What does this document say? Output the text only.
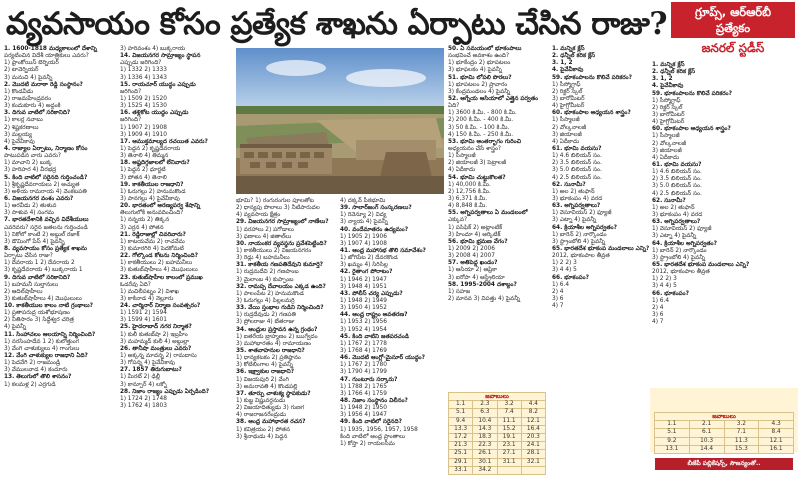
వ్యవసాయం కోసం ప్రత్యేక శాఖను ఏర్పాటు చేసిన రాజు?	గ్రూప్స్, ఆర్‌ఆర్‌బీ
ప్రత్యేకం
జనరల్ స్టడీస్
1. 1600-1818 మధ్యకాలంలో దేశాన్ని
పర్యటించిన విదేశీ యాత్రికులు ఎవరు?
1) ఫ్రాంకోయిస్ బెర్నియర్
2) టావెర్నియర్
3) మనుచి 4) పైవన్నీ
2. మొదటి మరాఠా రెడ్డి సంస్థానం?
1) కొండవీడు
2) రాజమహేంద్రవరం
3) కందుకూరు 4) అద్దంకి
3. దిగువ వాటిలో సరికానిది?
1) కాలర్ల నవాబు
2) శిష్టకరణాలు
3) మల్లయ్య
4) పైవేవీకావు
4. రాజ్యాల ఏర్పాటు, నిర్మాణం కోసం
పాటుపడిన వారు ఎవరు?
1) మాచాని 2) బుక్క
3) హరిహర 4) వీరభద్ర
5. కింది వాటిలో సరైనది గుర్తించండి?
1) శ్రీకృష్ణదేవరాయలు 2) అచ్యుత
3) అళియ రామరాయ 4) వెంకటపతి
6. విజయనగర వంశం ఎవరు?
1) ఆరవీడు 2) తుళువ
3) సాళువ 4) సంగమ
7. భారతదేశానికి వచ్చిన విదేశీయులు
ఎవరెవరు? సరైన జతలను గుర్తించండి
1) నికోలో కాంటి 2) అబ్దుల్ రజాక్
3) డొమింగో పేస్ 4) పైవన్నీ
8. వ్యవసాయం కోసం ప్రత్యేక శాఖను
ఏర్పాటు చేసిన రాజు?
1) దేవరాయ 1 2) దేవరాయ 2
3) కృష్ణదేవరాయ 4) బుక్కరాయ 1
9. దిగువ వాటిలో సరికానిది?
1) బహమనీ సుల్తానులు
2) ఆదిల్‌షాహీలు
3) కుతుబ్‌షాహీలు 4) మొఘలులు
10. కాకతీయుల కాలం నాటి గ్రంథాలు?
1) ప్రతాపరుద్ర యశోభూషణం
2) నీతిసారం 3) సిద్ధేశ్వర చరిత్ర
4) పైవన్నీ
11. సింహాచలం ఆలయాన్ని నిర్మించింది?
1) నరసింహదేవ 1 2) కులోత్తుంగ
3) వేంగి చాళుక్యులు 4) గాంగులు
12. వేంగి చాళుక్యుల రాజధాని ఏది?
1) పెదవేగి 2) రాజమండ్రి
3) వేములవాడ 4) కందూరు
13. తెలుగులో తొలి శాసనం?
1) కలమళ్ల 2) ఎర్రగుడి
3) హరివంశం 4) బుక్కరాయ
14. విజయనగర సామ్రాజ్యం స్థాపన
ఎప్పుడు జరిగింది?
1) 1332 2) 1333
3) 1336 4) 1343
15. రాయచూర్ యుద్ధం ఎప్పుడు
జరిగింది?
1) 1509 2) 1520
3) 1525 4) 1530
16. తళ్లికోట యుద్ధం ఎప్పుడు
జరిగింది?
1) 1907 2) 1908
3) 1909 4) 1910
17. ఆముక్తమాల్యద రచయిత ఎవరు?
1) పెద్దన 2) కృష్ణదేవరాయ
3) తెనాలి 4) తిమ్మన
18. అష్టదిగ్గజాలలో లేనివారు?
1) పెద్దన 2) ధూర్జటి
3) పోతన 4) తెనాలి
19. కాకతీయుల రాజధాని?
1) ఓరుగల్లు 2) హనుమకొండ
3) పానగల్లు 4) పైవేవీకావు
20. భారతంలో అరణ్యపర్వ శేషాన్ని
తెలుగులోకి అనువదించింది?
1) నన్నయ 2) తిక్కన
3) ఎర్రన 4) పోతన
21. రెడ్డిరాజుల్లో చివరివారు?
1) కాటయవేమ 2) రాచవేమ
3) కుమారగిరి 4) పెదకోమటి
22. గోల్కొండ కోటను నిర్మించింది?
1) కాకతీయులు 2) బహమనీలు
3) కుతుబ్‌షాహీలు 4) మొఘలులు
23. కుతుబ్‌షాహీల కాలంలో ప్రముఖ
ఓడరేవు ఏది?
1) మచిలీపట్నం 2) విశాఖ
3) కాకినాడ 4) నెల్లూరు
24. చార్మినార్ నిర్మాణ సంవత్సరం?
1) 1591 2) 1594
3) 1599 4) 1601
25. హైదరాబాద్ నగర నిర్మాత?
1) కులీ కుతుబ్‌షా 2) ఇబ్రహీం
3) మహమ్మద్ కులీ 4) అబ్దుల్లా
26. తానీషా మంత్రులు ఎవరు?
1) అక్కన్న మాదన్న 2) రామదాసు
3) గోపన్న 4) పైవేవీకావు
27. 1857 తిరుగుబాటు?
1) మీరట్ 2) ఢిల్లీ
3) కాన్పూర్ 4) లక్నో
28. నిజాం రాజ్యం ఎప్పుడు ఏర్పడింది?
1) 1724 2) 1748
3) 1762 4) 1803
భూమి? 1) రంగురంగుల పూలతోట
2) ధాన్యపు పొలాలు 3) నీటిపారుదల
4) వ్యవసాయ క్షేత్రం
29. విజయనగర సామ్రాజ్యంలో నాణేలు?
1) వరహాలు 2) పగోడాలు
3) ఫణాలు 4) జితాల్‌లు
30. నాయంకర వ్యవస్థను ప్రవేశపెట్టింది?
1) కాకతీయులు 2) విజయనగరం
3) రెడ్లు 4) బహమనీలు
31. కాకతీయ గణపతిదేవుని కుమార్తె?
1) రుద్రమదేవి 2) గణపాంబ
3) మైలాంబ 4) కుప్పాంబ
32. రామప్ప దేవాలయం ఎక్కడ ఉంది?
1) పాలంపేట 2) హనుమకొండ
3) ఓరుగల్లు 4) పిల్లలమర్రి
33. వేయి స్తంభాల గుడిని నిర్మించింది?
1) రుద్రదేవుడు 2) గణపతి
3) ప్రోలరాజు 4) బేతరాజు
34. ఆంధ్రుల ప్రస్తావన ఉన్న గ్రంథం?
1) ఐతరేయ బ్రాహ్మణం 2) ఋగ్వేదం
3) మహాభారతం 4) రామాయణం
35. శాతవాహనుల రాజధాని?
1) ధాన్యకటకం 2) ప్రతిష్ఠానం
3) కోటిలింగాల 4) పైవన్నీ
36. ఇక్ష్వాకుల రాజధాని?
1) విజయపురి 2) వేంగి
3) అమరావతి 4) కొండపల్లి
37. తూర్పు చాళుక్య స్థాపకుడు?
1) కుబ్జ విష్ణువర్ధనుడు
2) విజయాదిత్యుడు 3) గుణగ
4) రాజరాజనరేంద్రుడు
38. ఆంధ్ర మహాభారత రచన?
1) కవిత్రయం 2) పోతన
3) శ్రీనాథుడు 4) పెద్దన
4) దక్కన్ పీఠభూమి
39. సాలార్‌జంగ్ సంస్కరణలు?
1) రెవెన్యూ 2) విద్య
3) న్యాయ 4) పైవన్నీ
40. వందేమాతరం ఉద్యమం?
1) 1905 2) 1906
3) 1907 4) 1908
41. ఆంధ్ర మహాసభ తొలి సమావేశం?
1) జోగిపేట 2) దేవరకొండ
3) ఖమ్మం 4) సిరిసిల్ల
42. రైతాంగ పోరాటం?
1) 1946 2) 1947
3) 1948 4) 1951
43. పోలీస్ చర్య ఎప్పుడు?
1) 1948 2) 1949
3) 1950 4) 1952
44. ఆంధ్ర రాష్ట్రం అవతరణ?
1) 1953 2) 1956
3) 1952 4) 1954
45. కింది వాటిని జతపరచండి
1) 1767 2) 1778
3) 1768 4) 1769
46. మొదటి ఆంగ్లో-మైసూర్ యుద్ధం?
1) 1767 2) 1780
3) 1790 4) 1799
47. గుంటూరు సర్కారు?
1) 1788 2) 1765
3) 1766 4) 1759
48. నిజాం సంస్థానం విలీనం?
1) 1948 2) 1950
3) 1956 4) 1947
49. కింది వాటిలో సరైనది?
1) 1935, 1956, 1957, 1958
కింది వాటిలో ఆంధ్ర ప్రాంతాలు
1) కోస్తా 2) రాయలసీమ
50. ఏ సమయంలో భూకంపాలు
సంభవించే అవకాశం ఉంది?
1) భూకేంద్రం 2) భూపటలం
3) భూఫలకం 4) పైవన్నీ
51. భూమి లోపలి పొరలు?
1) భూపటలం 2) ప్రావారం
3) కేంద్రమండలం 4) పైవన్నీ
52. ఆగ్నేయ ఆసియాలో ఎత్తైన పర్వతం
ఏది?
1) 3600 కి.మీ. - 800 కి.మీ.
2) 200 కి.మీ. - 400 కి.మీ.
3) 50 కి.మీ. - 100 కి.మీ.
4) 150 కి.మీ. - 250 కి.మీ.
53. భూమి అంతర్భాగం గురించి
అధ్యయనం చేసే శాస్త్రం?
1) సీస్మాలజీ
2) జియాలజీ 3) పెట్రాలజీ
4) ఏదీకాదు
54. భూమి చుట్టుకొలత?
1) 40,000 కి.మీ.
2) 12,756 కి.మీ.
3) 6,371 కి.మీ.
4) 8,848 కి.మీ.
55. అగ్నిపర్వతాలు ఏ మండలంలో
ఎక్కువ?
1) పసిఫిక్ 2) అట్లాంటిక్
3) హిందూ 4) ఆర్కిటిక్
56. భూమి భ్రమణ వేగం?
1) 2009 2) 2006
3) 2008 4) 2007
57. అతిపెద్ద ఖండం?
1) ఆసియా 2) ఆఫ్రికా
3) ఐరోపా 4) ఆస్ట్రేలియా
58. 1995-2004 దశాబ్దం?
1) సహజ
2) మానవ 3) విపత్తు 4) పైవన్నీ
1. మన్నిక క్లేస్
2. ధన్నీల్ కరిక క్లేస్
3. 1, 2
4. పైవేవీకావు
59. భూకంపాలను కొలిచే పరికరం?
1) సీస్మోగ్రాఫ్
2) రిక్టర్ స్కేల్
3) బారోమీటర్
4) హైగ్రోమీటర్
60. భూకంపాల అధ్యయన శాస్త్రం?
1) సీస్మాలజీ
2) వోల్కనాలజీ
3) జియాలజీ
4) ఏదీకాదు
61. భూమి వయసు?
1) 4.6 బిలియన్ సం.
2) 3.5 బిలియన్ సం.
3) 5.0 బిలియన్ సం.
4) 2.5 బిలియన్ సం.
62. సునామీ?
1) అల 2) తుఫాన్
3) భూకంపం 4) వరద
63. అగ్నిపర్వతాలు?
1) వెసూవియస్ 2) ఫ్యూజీ
3) ఎట్నా 4) పైవన్నీ
64. క్రియాశీల అగ్నిపర్వతం?
1) బారెన్ 2) నార్కొండం
3) స్ట్రాంబోలి 4) పైవన్నీ
65. భారతదేశ భూకంప మండలాలు ఎన్ని?
2012, భూకంపాల తీవ్రత
1) 2 2) 3
3) 4 4) 5
66. భూకంపం?
1) 6.4
2) 4
3) 6
4) 7
1. మన్నిక క్లేస్
2. ధన్నీల్ కరిక క్లేస్
3. 1, 2
4. పైవేవీకావు
59. భూకంపాలను కొలిచే పరికరం?
1) సీస్మోగ్రాఫ్
2) రిక్టర్ స్కేల్
3) బారోమీటర్
4) హైగ్రోమీటర్
60. భూకంపాల అధ్యయన శాస్త్రం?
1) సీస్మాలజీ
2) వోల్కనాలజీ
3) జియాలజీ
4) ఏదీకాదు
61. భూమి వయసు?
1) 4.6 బిలియన్ సం.
2) 3.5 బిలియన్ సం.
3) 5.0 బిలియన్ సం.
4) 2.5 బిలియన్ సం.
62. సునామీ?
1) అల 2) తుఫాన్
3) భూకంపం 4) వరద
63. అగ్నిపర్వతాలు?
1) వెసూవియస్ 2) ఫ్యూజీ
3) ఎట్నా 4) పైవన్నీ
64. క్రియాశీల అగ్నిపర్వతం?
1) బారెన్ 2) నార్కొండం
3) స్ట్రాంబోలి 4) పైవన్నీ
65. భారతదేశ భూకంప మండలాలు ఎన్ని?
2012, భూకంపాల తీవ్రత
1) 2 2) 3
3) 4 4) 5
66. భూకంపం?
1) 6.4
2) 4
3) 6
4) 7
జవాబులు			
1.1	2.3	3.2	4.4
5.1	6.3	7.4	8.2
9.4	10.4	11.1	12.1
13.3	14.3	15.2	16.4
17.2	18.3	19.1	20.3
21.3	22.3	23.1	24.1
25.1	26.1	27.1	28.1
29.1	30.1	31.1	32.1
33.1	34.2		
జవాబులు			
1.1	2.1	3.2	4.3
5.1	6.1	7.1	8.4
9.2	10.3	11.3	12.1
13.1	14.4	15.3	16.1
బీజేపీ పబ్లికేషన్స్, సౌజన్యంతో..
